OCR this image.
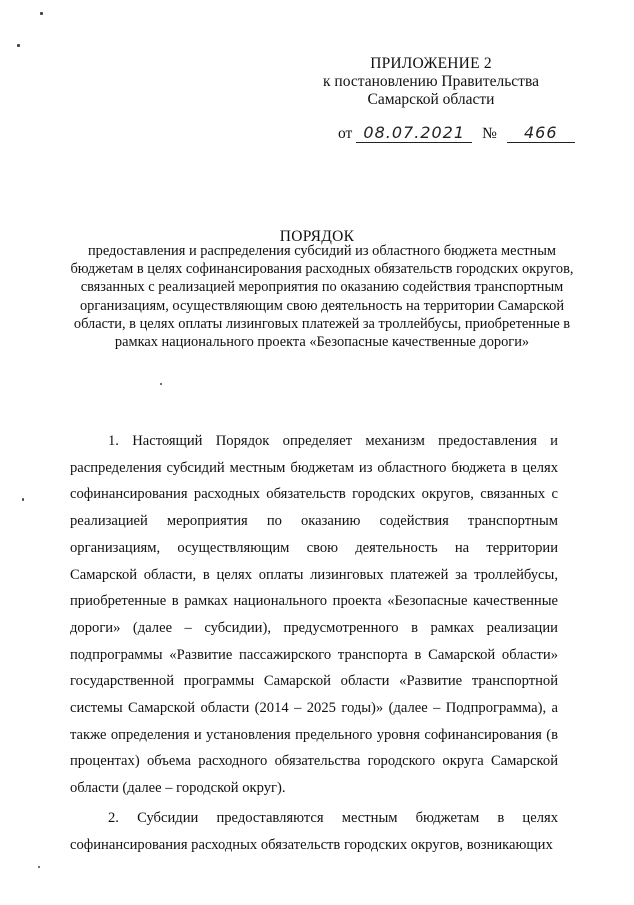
ПРИЛОЖЕНИЕ 2
к постановлению Правительства
Самарской области
от 08.07.2021 № 466
ПОРЯДОК
предоставления и распределения субсидий из областного бюджета местным бюджетам в целях софинансирования расходных обязательств городских округов, связанных с реализацией мероприятия по оказанию содействия транспортным организациям, осуществляющим свою деятельность на территории Самарской области, в целях оплаты лизинговых платежей за троллейбусы, приобретенные в рамках национального проекта «Безопасные качественные дороги»

1. Настоящий Порядок определяет механизм предоставления и распределения субсидий местным бюджетам из областного бюджета в целях софинансирования расходных обязательств городских округов, связанных с реализацией мероприятия по оказанию содействия транспортным организациям, осуществляющим свою деятельность на территории Самарской области, в целях оплаты лизинговых платежей за троллейбусы, приобретенные в рамках национального проекта «Безопасные качественные дороги» (далее – субсидии), предусмотренного в рамках реализации подпрограммы «Развитие пассажирского транспорта в Самарской области» государственной программы Самарской области «Развитие транспортной системы Самарской области (2014 – 2025 годы)» (далее – Подпрограмма), а также определения и установления предельного уровня софинансирования (в процентах) объема расходного обязательства городского округа Самарской области (далее – городской округ).

2. Субсидии предоставляются местным бюджетам в целях софинансирования расходных обязательств городских округов, возникающих
